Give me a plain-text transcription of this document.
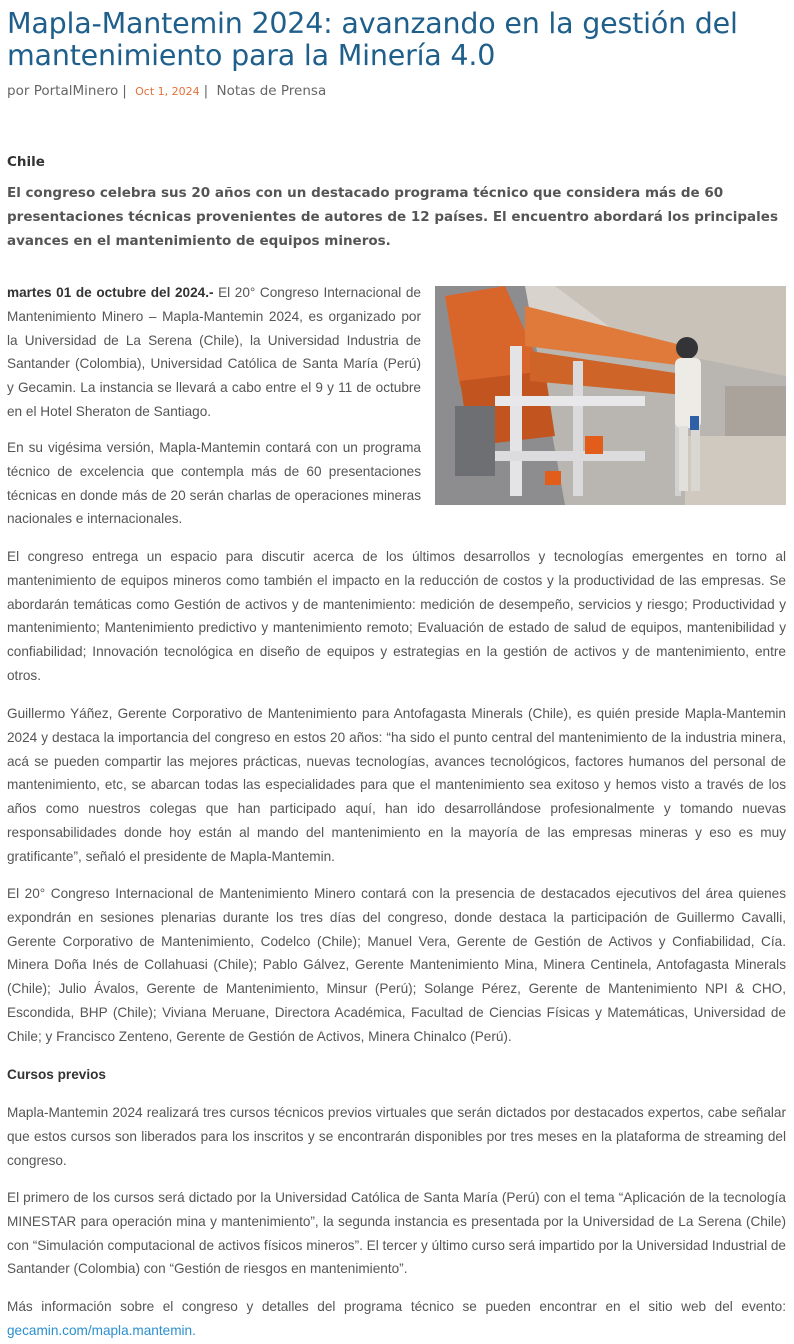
Mapla-Mantemin 2024: avanzando en la gestión del mantenimiento para la Minería 4.0
por PortalMinero | Oct 1, 2024 | Notas de Prensa
Chile
El congreso celebra sus 20 años con un destacado programa técnico que considera más de 60 presentaciones técnicas provenientes de autores de 12 países. El encuentro abordará los principales avances en el mantenimiento de equipos mineros.

martes 01 de octubre del 2024.- El 20° Congreso Internacional de Mantenimiento Minero – Mapla-Mantemin 2024, es organizado por la Universidad de La Serena (Chile), la Universidad Industria de Santander (Colombia), Universidad Católica de Santa María (Perú) y Gecamin. La instancia se llevará a cabo entre el 9 y 11 de octubre en el Hotel Sheraton de Santiago.

En su vigésima versión, Mapla-Mantemin contará con un programa técnico de excelencia que contempla más de 60 presentaciones técnicas en donde más de 20 serán charlas de operaciones mineras nacionales e internacionales.

El congreso entrega un espacio para discutir acerca de los últimos desarrollos y tecnologías emergentes en torno al mantenimiento de equipos mineros como también el impacto en la reducción de costos y la productividad de las empresas. Se abordarán temáticas como Gestión de activos y de mantenimiento: medición de desempeño, servicios y riesgo; Productividad y mantenimiento; Mantenimiento predictivo y mantenimiento remoto; Evaluación de estado de salud de equipos, mantenibilidad y confiabilidad; Innovación tecnológica en diseño de equipos y estrategias en la gestión de activos y de mantenimiento, entre otros.

Guillermo Yáñez, Gerente Corporativo de Mantenimiento para Antofagasta Minerals (Chile), es quién preside Mapla-Mantemin 2024 y destaca la importancia del congreso en estos 20 años: “ha sido el punto central del mantenimiento de la industria minera, acá se pueden compartir las mejores prácticas, nuevas tecnologías, avances tecnológicos, factores humanos del personal de mantenimiento, etc, se abarcan todas las especialidades para que el mantenimiento sea exitoso y hemos visto a través de los años como nuestros colegas que han participado aquí, han ido desarrollándose profesionalmente y tomando nuevas responsabilidades donde hoy están al mando del mantenimiento en la mayoría de las empresas mineras y eso es muy gratificante”, señaló el presidente de Mapla-Mantemin.

El 20° Congreso Internacional de Mantenimiento Minero contará con la presencia de destacados ejecutivos del área quienes expondrán en sesiones plenarias durante los tres días del congreso, donde destaca la participación de Guillermo Cavalli, Gerente Corporativo de Mantenimiento, Codelco (Chile); Manuel Vera, Gerente de Gestión de Activos y Confiabilidad, Cía. Minera Doña Inés de Collahuasi (Chile); Pablo Gálvez, Gerente Mantenimiento Mina, Minera Centinela, Antofagasta Minerals (Chile); Julio Ávalos, Gerente de Mantenimiento, Minsur (Perú); Solange Pérez, Gerente de Mantenimiento NPI & CHO, Escondida, BHP (Chile); Viviana Meruane, Directora Académica, Facultad de Ciencias Físicas y Matemáticas, Universidad de Chile; y Francisco Zenteno, Gerente de Gestión de Activos, Minera Chinalco (Perú).

Cursos previos

Mapla-Mantemin 2024 realizará tres cursos técnicos previos virtuales que serán dictados por destacados expertos, cabe señalar que estos cursos son liberados para los inscritos y se encontrarán disponibles por tres meses en la plataforma de streaming del congreso.

El primero de los cursos será dictado por la Universidad Católica de Santa María (Perú) con el tema “Aplicación de la tecnología MINESTAR para operación mina y mantenimiento”, la segunda instancia es presentada por la Universidad de La Serena (Chile) con “Simulación computacional de activos físicos mineros”. El tercer y último curso será impartido por la Universidad Industrial de Santander (Colombia) con “Gestión de riesgos en mantenimiento”.

Más información sobre el congreso y detalles del programa técnico se pueden encontrar en el sitio web del evento: gecamin.com/mapla.mantemin.
